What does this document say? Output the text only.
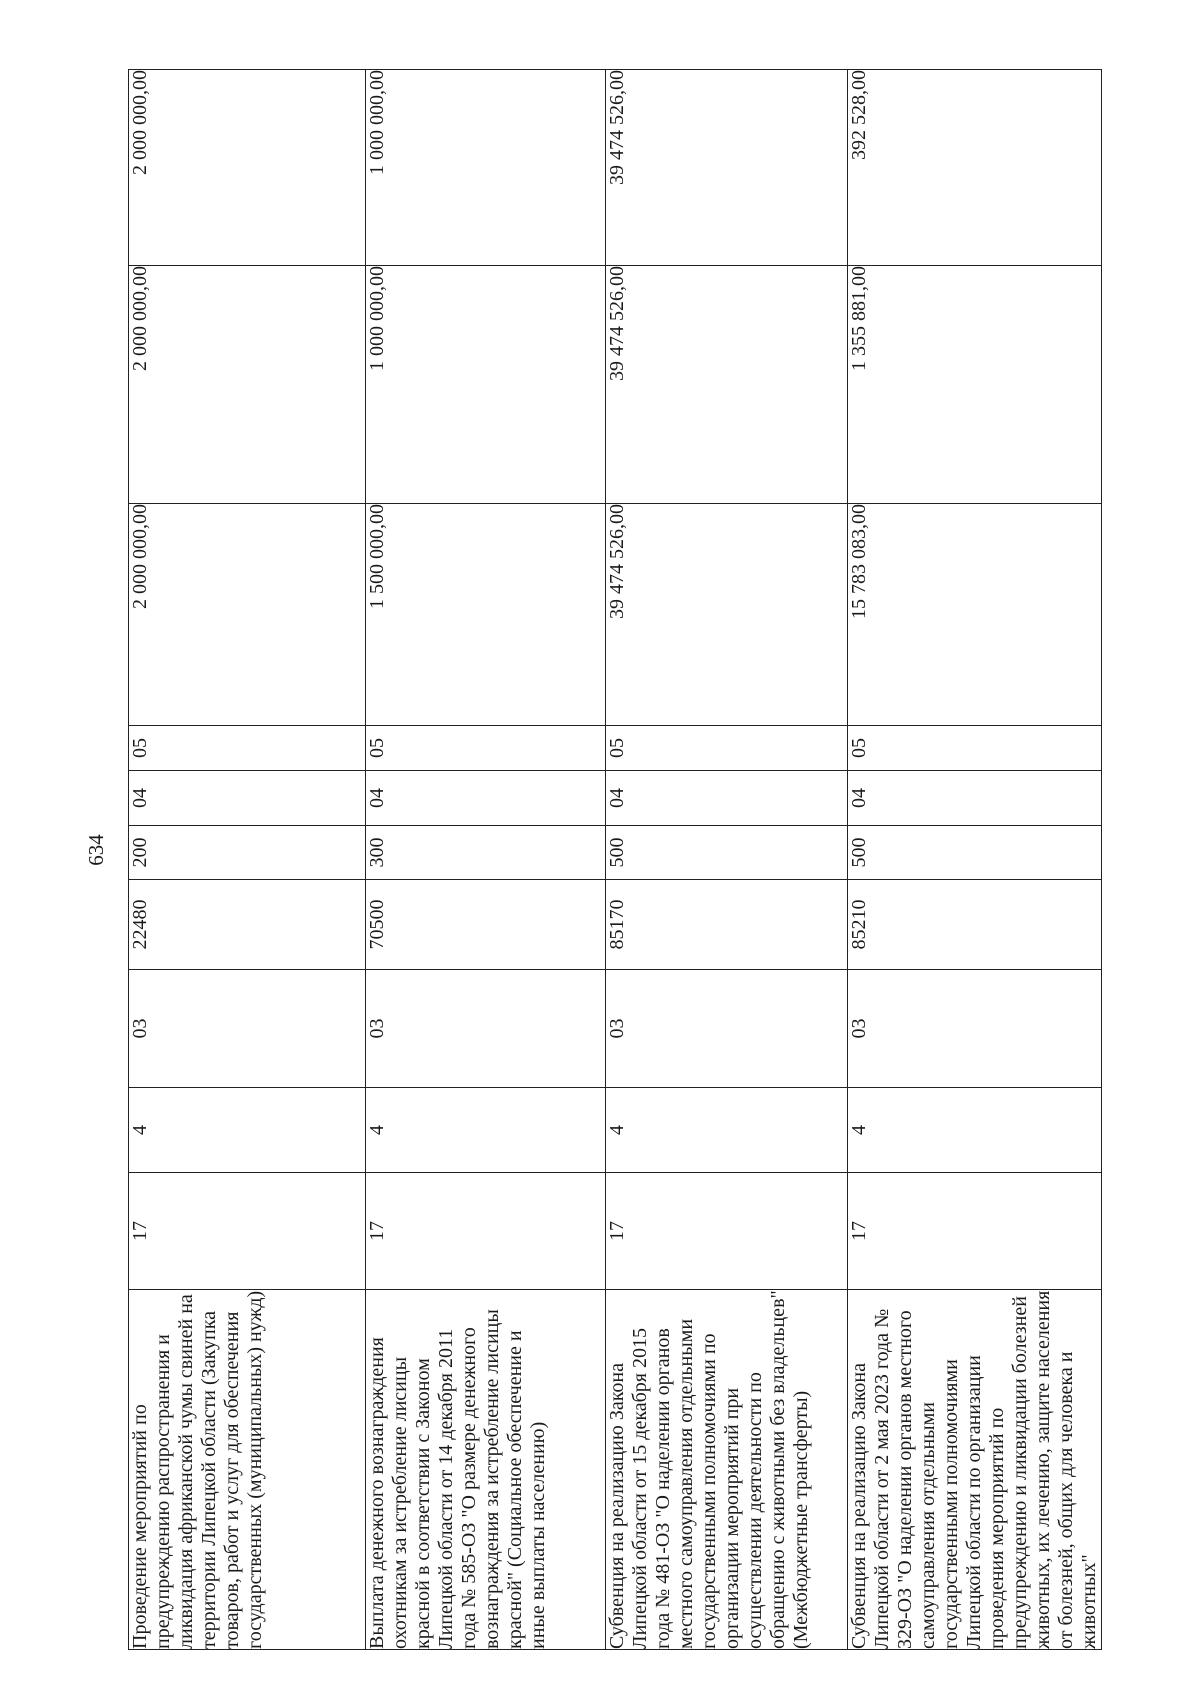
634
Проведение мероприятий по предупреждению распространения и ликвидация африканской чумы свиней на территории Липецкой области (Закупка товаров, работ и услуг для обеспечения государственных (муниципальных) нужд)	17	4	03	22480	200	04	05	2 000 000,00	2 000 000,00	2 000 000,00
Выплата денежного вознаграждения охотникам за истребление лисицы красной в соответствии с Законом Липецкой области от 14 декабря 2011 года № 585-ОЗ "О размере денежного вознаграждения за истребление лисицы красной" (Социальное обеспечение и иные выплаты населению)	17	4	03	70500	300	04	05	1 500 000,00	1 000 000,00	1 000 000,00
Субвенция на реализацию Закона Липецкой области от 15 декабря 2015 года № 481-ОЗ "О наделении органов местного самоуправления отдельными государственными полномочиями по организации мероприятий при осуществлении деятельности по обращению с животными без владельцев" (Межбюджетные трансферты)	17	4	03	85170	500	04	05	39 474 526,00	39 474 526,00	39 474 526,00
Субвенция на реализацию Закона Липецкой области от 2 мая 2023 года № 329-ОЗ "О наделении органов местного самоуправления отдельными государственными полномочиями Липецкой области по организации проведения мероприятий по предупреждению и ликвидации болезней животных, их лечению, защите населения от болезней, общих для человека и животных"	17	4	03	85210	500	04	05	15 783 083,00	1 355 881,00	392 528,00
